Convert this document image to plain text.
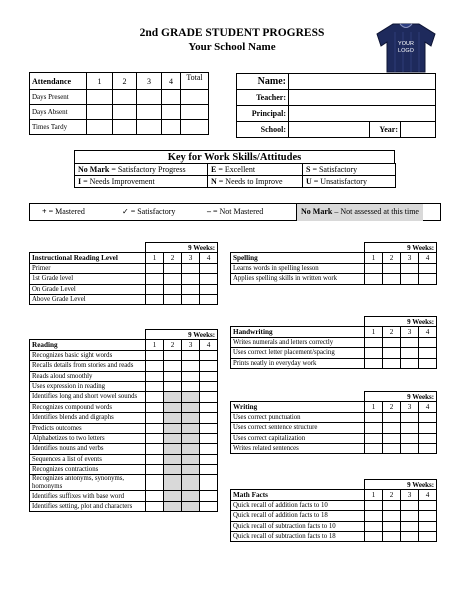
2nd GRADE STUDENT PROGRESS
Your School Name	YOUR
LOGO
Attendance	1	2	3	4	Total
Days Present					
Days Absent					
Times Tardy					
Name:			
Teacher:			
Principal:			
School:		Year:	
Key for Work Skills/Attitudes
No Mark = Satisfactory Progress	E = Excellent	S = Satisfactory
I = Needs Improvement	N = Needs to Improve	U = Unsatisfactory
+ = Mastered	✓ = Satisfactory	– = Not Mastered	No Mark – Not assessed at this time
	9 Weeks:			
Instructional Reading Level	1	2	3	4
Primer				
1st Grade level				
On Grade Level				
Above Grade Level				
	9 Weeks:			
Reading	1	2	3	4
Recognizes basic sight words				
Recalls details from stories and reads				
Reads aloud smoothly				
Uses expression in reading				
Identifies long and short vowel sounds				
Recognizes compound words				
Identifies blends and digraphs				
Predicts outcomes				
Alphabetizes to two letters				
Identifies nouns and verbs				
Sequences a list of events				
Recognizes contractions				
Recognizes antonyms, synonyms, homonyms				
Identifies suffixes with base word				
Identifies setting, plot and characters				
	9 Weeks:			
Spelling	1	2	3	4
Learns words in spelling lesson				
Applies spelling skills in written work				
	9 Weeks:			
Handwriting	1	2	3	4
Writes numerals and letters correctly				
Uses correct letter placement/spacing				
Prints neatly in everyday work				
	9 Weeks:			
Writing	1	2	3	4
Uses correct punctuation				
Uses correct sentence structure				
Uses correct capitalization				
Writes related sentences				
	9 Weeks:			
Math Facts	1	2	3	4
Quick recall of addition facts to 10				
Quick recall of addition facts to 18				
Quick recall of subtraction facts to 10				
Quick recall of subtraction facts to 18				
